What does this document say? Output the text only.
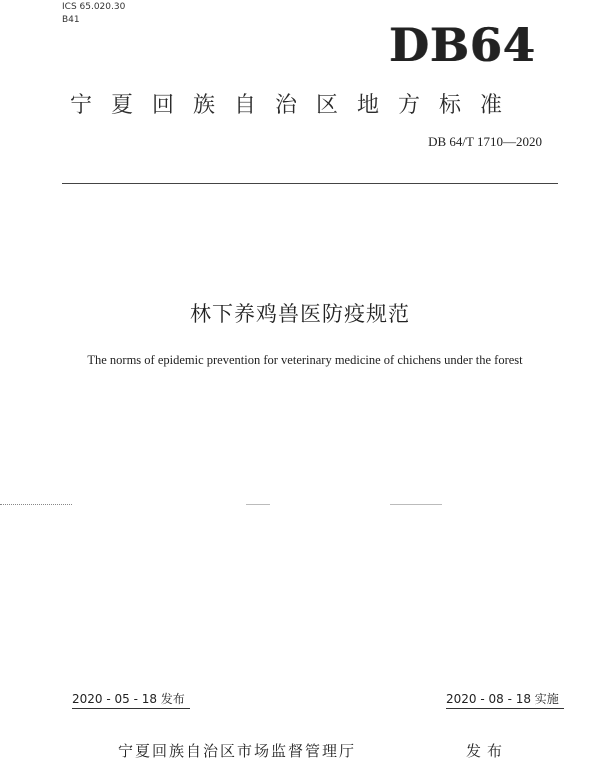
ICS 65.020.30
B41	DB64
宁夏回族自治区地方标准
DB 64/T 1710—2020
林下养鸡兽医防疫规范
The norms of epidemic prevention for veterinary medicine of chichens under the forest
2020 - 05 - 18 发布	2020 - 08 - 18 实施
宁夏回族自治区市场监督管理厅	发布
